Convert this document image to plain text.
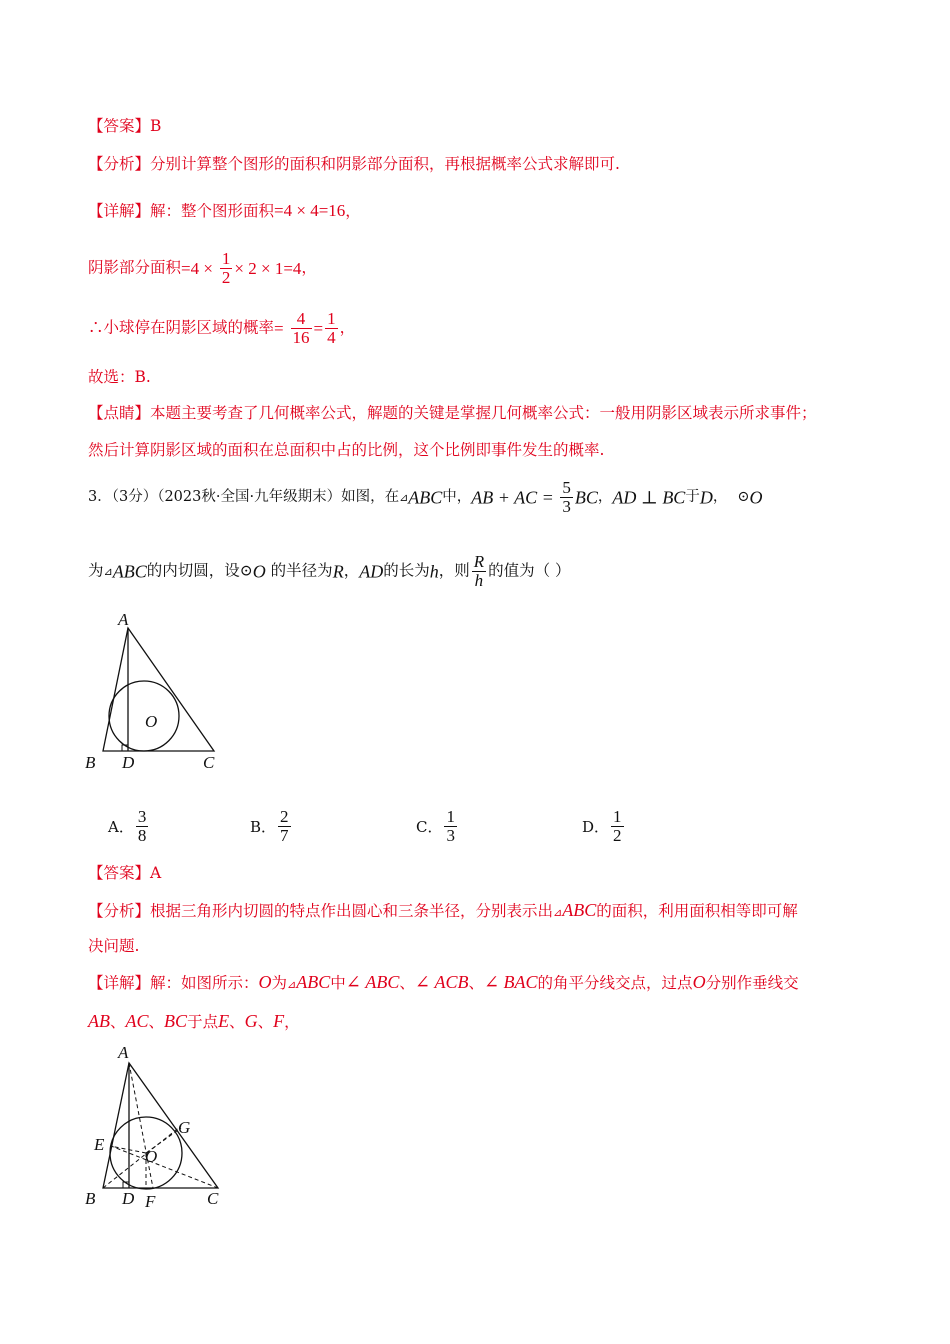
【答案】B
【分析】分别计算整个图形的面积和阴影部分面积，再根据概率公式求解即可.
【详解】解：整个图形面积=4 × 4=16，
阴影部分面积$=4 \times \frac{1}{2} \times 2 \times 1=4$，
∴小球停在阴影区域的概率= $\frac{4}{16} = \frac{1}{4}$ ，
故选：B.
【点睛】本题主要考查了几何概率公式，解题的关键是掌握几何概率公式：一般用阴影区域表示所求事件；
然后计算阴影区域的面积在总面积中占的比例，这个比例即事件发生的概率.
3．（3分）（2023秋·全国·九年级期末）如图，在⊿ABC中，AB + AC = $\frac{5}{3}$ BC，AD ⊥ BC于D， ⊙O
为⊿ABC的内切圆，设⊙O 的半径为R，AD的长为h，则 $\frac{R}{h}$ 的值为（ ）
A
O
B D	C
A． $\frac{3}{8}$	B． $\frac{2}{7}$	C． $\frac{1}{3}$	D． $\frac{1}{2}$
【答案】A
【分析】根据三角形内切圆的特点作出圆心和三条半径，分别表示出⊿ABC的面积，利用面积相等即可解
决问题.
【详解】解：如图所示：O为⊿ABC中∠ ABC、∠ ACB、∠ BAC的角平分线交点，过点O分别作垂线交
AB、AC、BC于点E、G、F，
A
G
E
O
B D F	C
